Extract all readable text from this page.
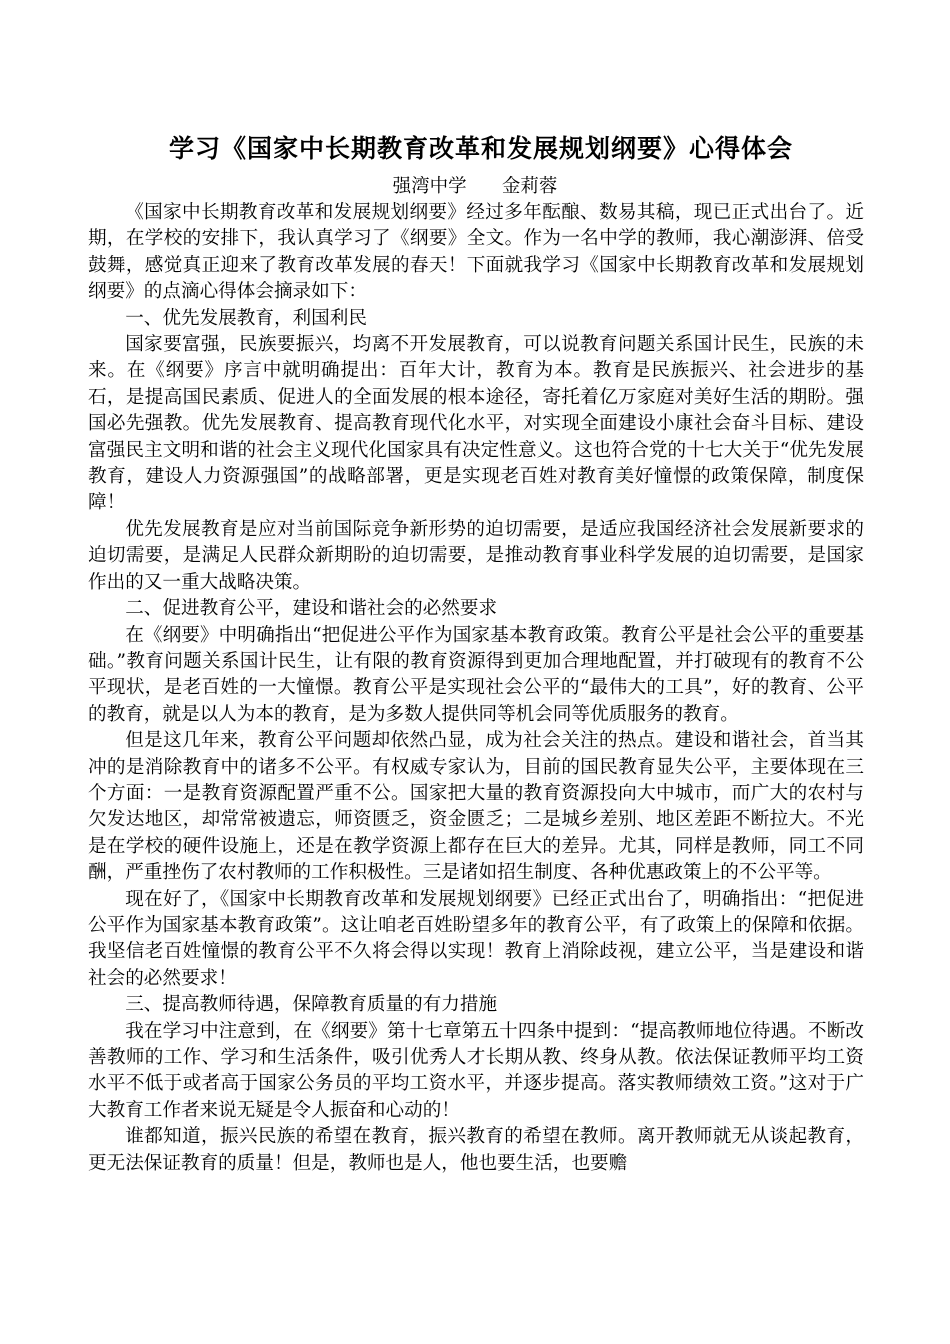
学习《国家中长期教育改革和发展规划纲要》心得体会
强湾中学      金莉蓉

《国家中长期教育改革和发展规划纲要》经过多年酝酿、数易其稿，现已正式出台了。近期，在学校的安排下，我认真学习了《纲要》全文。作为一名中学的教师，我心潮澎湃、倍受鼓舞，感觉真正迎来了教育改革发展的春天！下面就我学习《国家中长期教育改革和发展规划纲要》的点滴心得体会摘录如下：

一、优先发展教育，利国利民

国家要富强，民族要振兴，均离不开发展教育，可以说教育问题关系国计民生，民族的未来。在《纲要》序言中就明确提出：百年大计，教育为本。教育是民族振兴、社会进步的基石，是提高国民素质、促进人的全面发展的根本途径，寄托着亿万家庭对美好生活的期盼。强国必先强教。优先发展教育、提高教育现代化水平，对实现全面建设小康社会奋斗目标、建设富强民主文明和谐的社会主义现代化国家具有决定性意义。这也符合党的十七大关于“优先发展教育，建设人力资源强国”的战略部署，更是实现老百姓对教育美好憧憬的政策保障，制度保障！

优先发展教育是应对当前国际竞争新形势的迫切需要，是适应我国经济社会发展新要求的迫切需要，是满足人民群众新期盼的迫切需要，是推动教育事业科学发展的迫切需要，是国家作出的又一重大战略决策。

二、促进教育公平，建设和谐社会的必然要求

在《纲要》中明确指出“把促进公平作为国家基本教育政策。教育公平是社会公平的重要基础。”教育问题关系国计民生，让有限的教育资源得到更加合理地配置，并打破现有的教育不公平现状，是老百姓的一大憧憬。教育公平是实现社会公平的“最伟大的工具”，好的教育、公平的教育，就是以人为本的教育，是为多数人提供同等机会同等优质服务的教育。

但是这几年来，教育公平问题却依然凸显，成为社会关注的热点。建设和谐社会，首当其冲的是消除教育中的诸多不公平。有权威专家认为，目前的国民教育显失公平，主要体现在三个方面：一是教育资源配置严重不公。国家把大量的教育资源投向大中城市，而广大的农村与欠发达地区，却常常被遗忘，师资匮乏，资金匮乏；二是城乡差别、地区差距不断拉大。不光是在学校的硬件设施上，还是在教学资源上都存在巨大的差异。尤其，同样是教师，同工不同酬，严重挫伤了农村教师的工作积极性。三是诸如招生制度、各种优惠政策上的不公平等。

现在好了，《国家中长期教育改革和发展规划纲要》已经正式出台了，明确指出：“把促进公平作为国家基本教育政策”。这让咱老百姓盼望多年的教育公平，有了政策上的保障和依据。我坚信老百姓憧憬的教育公平不久将会得以实现！教育上消除歧视，建立公平，当是建设和谐社会的必然要求！

三、提高教师待遇，保障教育质量的有力措施

我在学习中注意到，在《纲要》第十七章第五十四条中提到：“提高教师地位待遇。不断改善教师的工作、学习和生活条件，吸引优秀人才长期从教、终身从教。依法保证教师平均工资水平不低于或者高于国家公务员的平均工资水平，并逐步提高。落实教师绩效工资。”这对于广大教育工作者来说无疑是令人振奋和心动的！

谁都知道，振兴民族的希望在教育，振兴教育的希望在教师。离开教师就无从谈起教育，更无法保证教育的质量！但是，教师也是人，他也要生活，也要赡
